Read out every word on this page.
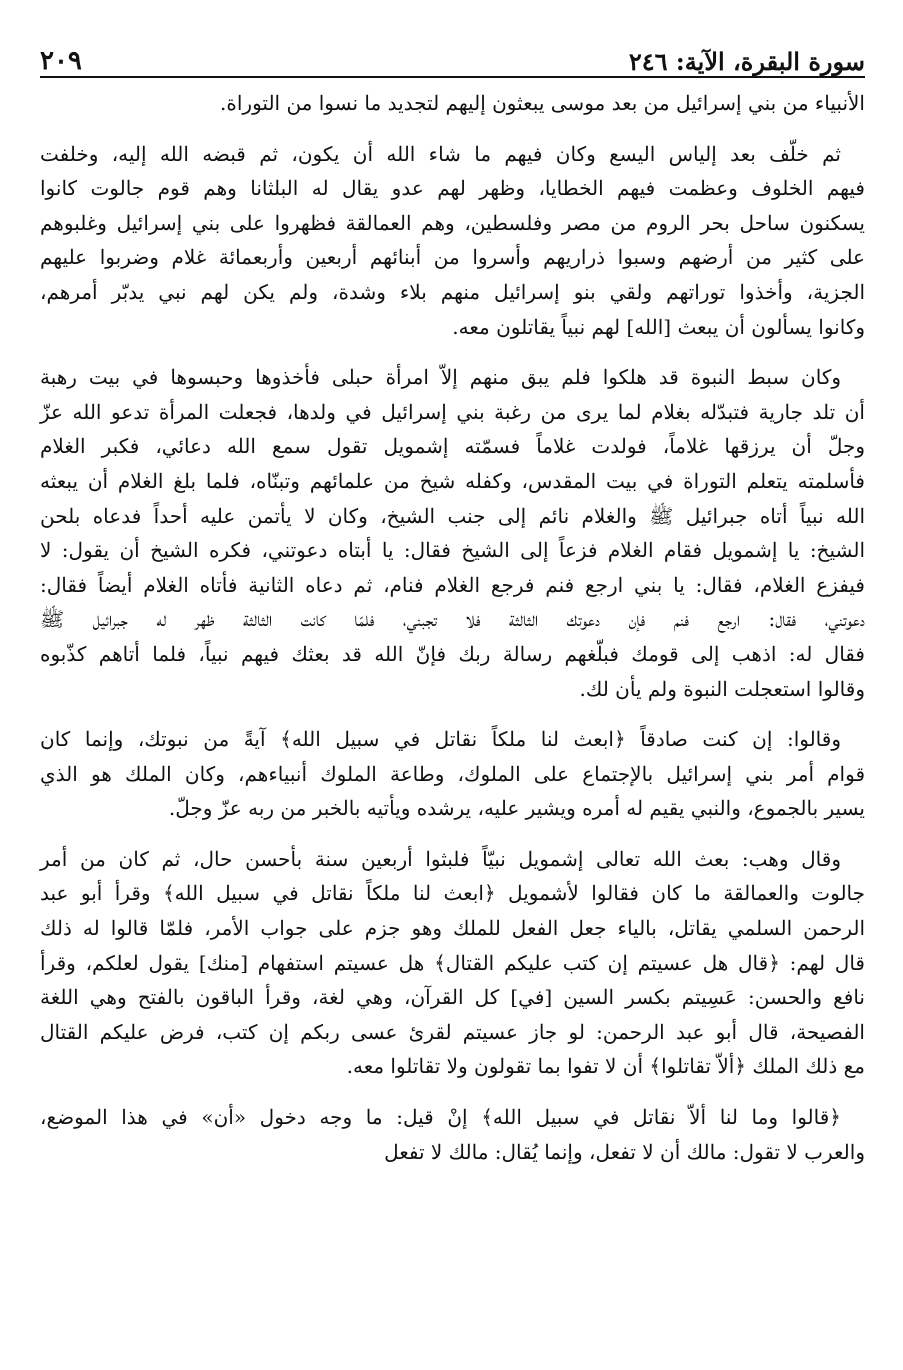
سورة البقرة، الآية: ٢٤٦
٢٠٩

الأنبياء من بني إسرائيل من بعد موسى يبعثون إليهم لتجديد ما نسوا من التوراة.

ثم خلّف بعد إلياس اليسع وكان فيهم ما شاء الله أن يكون، ثم قبضه الله إليه، وخلفت
فيهم الخلوف وعظمت فيهم الخطايا، وظهر لهم عدو يقال له البلثانا وهم قوم جالوت كانوا
يسكنون ساحل بحر الروم من مصر وفلسطين، وهم العمالقة فظهروا على بني إسرائيل وغلبوهم
على كثير من أرضهم وسبوا ذراريهم وأسروا من أبنائهم أربعين وأربعمائة غلام وضربوا عليهم
الجزية، وأخذوا توراتهم ولقي بنو إسرائيل منهم بلاء وشدة، ولم يكن لهم نبي يدبّر أمرهم،
وكانوا يسألون أن يبعث [الله] لهم نبياً يقاتلون معه.

وكان سبط النبوة قد هلكوا فلم يبق منهم إلاّ امرأة حبلى فأخذوها وحبسوها في بيت رهبة
أن تلد جارية فتبدّله بغلام لما يرى من رغبة بني إسرائيل في ولدها، فجعلت المرأة تدعو الله عزّ
وجلّ أن يرزقها غلاماً، فولدت غلاماً فسمّته إشمويل تقول سمع الله دعائي، فكبر الغلام
فأسلمته يتعلم التوراة في بيت المقدس، وكفله شيخ من علمائهم وتبنّاه، فلما بلغ الغلام أن يبعثه
الله نبياً أتاه جبرائيل ﷺ والغلام نائم إلى جنب الشيخ، وكان لا يأتمن عليه أحداً فدعاه بلحن
الشيخ: يا إشمويل فقام الغلام فزعاً إلى الشيخ فقال: يا أبتاه دعوتني، فكره الشيخ أن يقول: لا
فيفزع الغلام، فقال: يا بني ارجع فنم فرجع الغلام فنام، ثم دعاه الثانية فأتاه الغلام أيضاً فقال:
دعوتني، فقال: ارجع فنم فإن دعوتك الثالثة فلا تجبني، فلمّا كانت الثالثة ظهر له جبرائيل ﷺ
فقال له: اذهب إلى قومك فبلّغهم رسالة ربك فإنّ الله قد بعثك فيهم نبياً، فلما أتاهم كذّبوه
وقالوا استعجلت النبوة ولم يأن لك.

وقالوا: إن كنت صادقاً ﴿ابعث لنا ملكاً نقاتل في سبيل الله﴾ آيةً من نبوتك، وإنما كان
قوام أمر بني إسرائيل بالإجتماع على الملوك، وطاعة الملوك أنبياءهم، وكان الملك هو الذي
يسير بالجموع، والنبي يقيم له أمره ويشير عليه، يرشده ويأتيه بالخبر من ربه عزّ وجلّ.

وقال وهب: بعث الله تعالى إشمويل نبيّاً فلبثوا أربعين سنة بأحسن حال، ثم كان من أمر
جالوت والعمالقة ما كان فقالوا لأشمويل ﴿ابعث لنا ملكاً نقاتل في سبيل الله﴾ وقرأ أبو عبد
الرحمن السلمي يقاتل، بالياء جعل الفعل للملك وهو جزم على جواب الأمر، فلمّا قالوا له ذلك
قال لهم: ﴿قال هل عسيتم إن كتب عليكم القتال﴾ هل عسيتم استفهام [منك] يقول لعلكم، وقرأ
نافع والحسن: عَسِيتم بكسر السين [في] كل القرآن، وهي لغة، وقرأ الباقون بالفتح وهي اللغة
الفصيحة، قال أبو عبد الرحمن: لو جاز عسيتم لقرئ عسى ربكم إن كتب، فرض عليكم القتال
مع ذلك الملك ﴿ألاّ تقاتلوا﴾ أن لا تفوا بما تقولون ولا تقاتلوا معه.

﴿قالوا وما لنا ألاّ نقاتل في سبيل الله﴾ إنْ قيل: ما وجه دخول «أن» في هذا الموضع،
والعرب لا تقول: مالك أن لا تفعل، وإنما يُقال: مالك لا تفعل
